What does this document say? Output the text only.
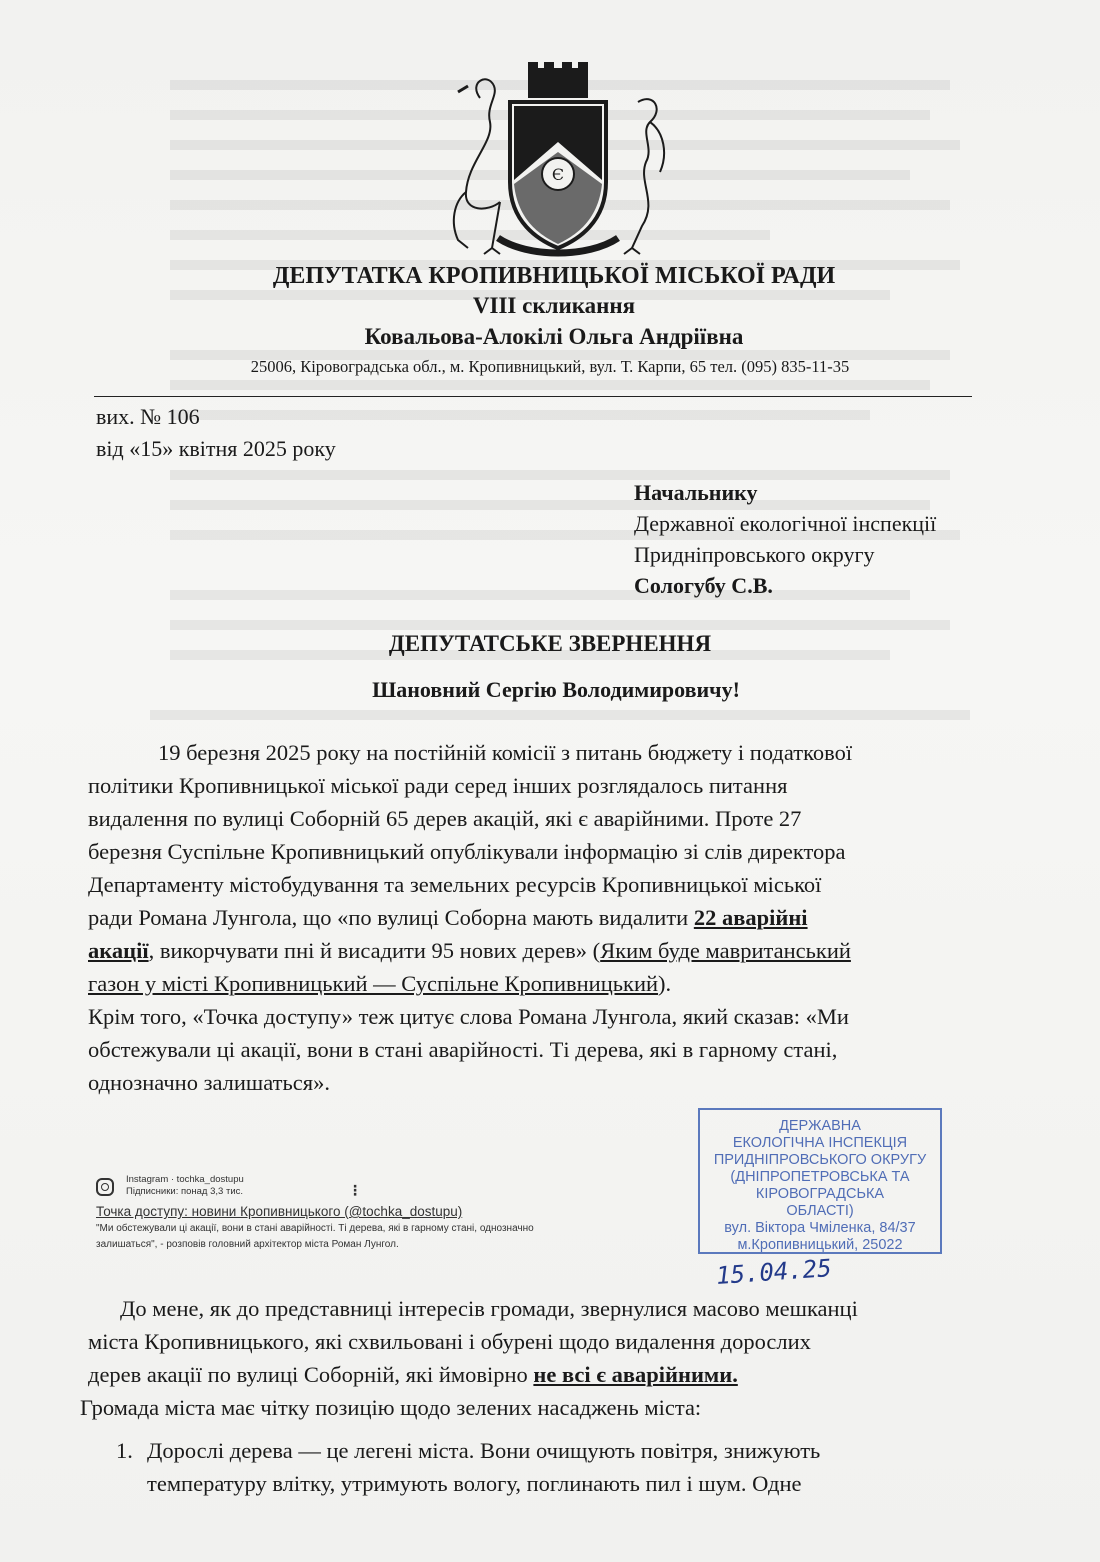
Є
ДЕПУТАТКА КРОПИВНИЦЬКОЇ МІСЬКОЇ РАДИ
VIII скликання
Ковальова-Алокілі Ольга Андріївна
25006, Кіровоградська обл., м. Кропивницький, вул. Т. Карпи, 65 тел. (095) 835-11-35
вих. № 106
від «15» квітня 2025 року
Начальнику
Державної екологічної інспекції
Придніпровського округу
Сологубу С.В.
ДЕПУТАТСЬКЕ ЗВЕРНЕННЯ
Шановний Сергію Володимировичу!
19 березня 2025 року на постійній комісії з питань бюджету і податкової
політики Кропивницької міської ради серед інших розглядалось питання
видалення по вулиці Соборній 65 дерев акацій, які є аварійними. Проте 27
березня Суспільне Кропивницький опублікували інформацію зі слів директора
Департаменту містобудування та земельних ресурсів Кропивницької міської
ради Романа Лунгола, що «по вулиці Соборна мають видалити 22 аварійні
акації, викорчувати пні й висадити 95 нових дерев» (Яким буде мавританський
газон у місті Кропивницький — Суспільне Кропивницький).
Крім того, «Точка доступу» теж цитує слова Романа Лунгола, який сказав: «Ми
обстежували ці акації, вони в стані аварійності. Ті дерева, які в гарному стані,
однозначно залишаться».
Instagram · tochka_dostupu
Підписники: понад 3,3 тис.	⋮
Точка доступу: новини Кропивницького (@tochka_dostupu)
"Ми обстежували ці акації, вони в стані аварійності. Ті дерева, які в гарному стані, однозначно
залишаться", - розповів головний архітектор міста Роман Лунгол.
ДЕРЖАВНА
ЕКОЛОГІЧНА ІНСПЕКЦІЯ
ПРИДНІПРОВСЬКОГО ОКРУГУ
(ДНІПРОПЕТРОВСЬКА ТА
КІРОВОГРАДСЬКА
ОБЛАСТІ)
вул. Віктора Чміленка, 84/37
м.Кропивницький, 25022
15.04.25
До мене, як до представниці інтересів громади, звернулися масово мешканці
міста Кропивницького, які схвильовані і обурені щодо видалення дорослих
дерев акації по вулиці Соборній, які ймовірно не всі є аварійними.
Громада міста має чітку позицію щодо зелених насаджень міста:
1. Дорослі дерева — це легені міста. Вони очищують повітря, знижують
температуру влітку, утримують вологу, поглинають пил і шум. Одне
